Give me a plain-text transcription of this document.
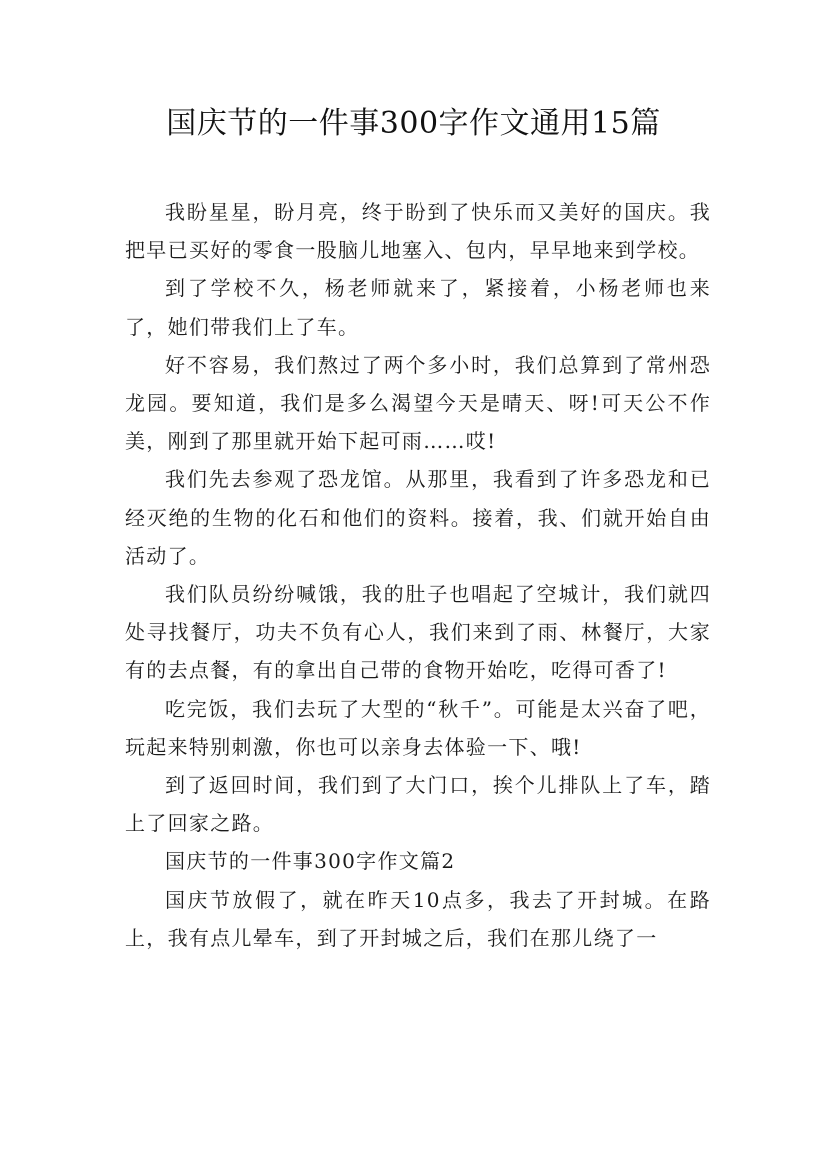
国庆节的一件事300字作文通用15篇

我盼星星，盼月亮，终于盼到了快乐而又美好的国庆。我把早已买好的零食一股脑儿地塞入、包内，早早地来到学校。

到了学校不久，杨老师就来了，紧接着，小杨老师也来了，她们带我们上了车。

好不容易，我们熬过了两个多小时，我们总算到了常州恐龙园。要知道，我们是多么渴望今天是晴天、呀!可天公不作美，刚到了那里就开始下起可雨……哎!

我们先去参观了恐龙馆。从那里，我看到了许多恐龙和已经灭绝的生物的化石和他们的资料。接着，我、们就开始自由活动了。

我们队员纷纷喊饿，我的肚子也唱起了空城计，我们就四处寻找餐厅，功夫不负有心人，我们来到了雨、林餐厅，大家有的去点餐，有的拿出自己带的食物开始吃，吃得可香了!

吃完饭，我们去玩了大型的“秋千”。可能是太兴奋了吧，玩起来特别刺激，你也可以亲身去体验一下、哦!

到了返回时间，我们到了大门口，挨个儿排队上了车，踏上了回家之路。

国庆节的一件事300字作文篇2

国庆节放假了，就在昨天10点多，我去了开封城。在路上，我有点儿晕车，到了开封城之后，我们在那儿绕了一
